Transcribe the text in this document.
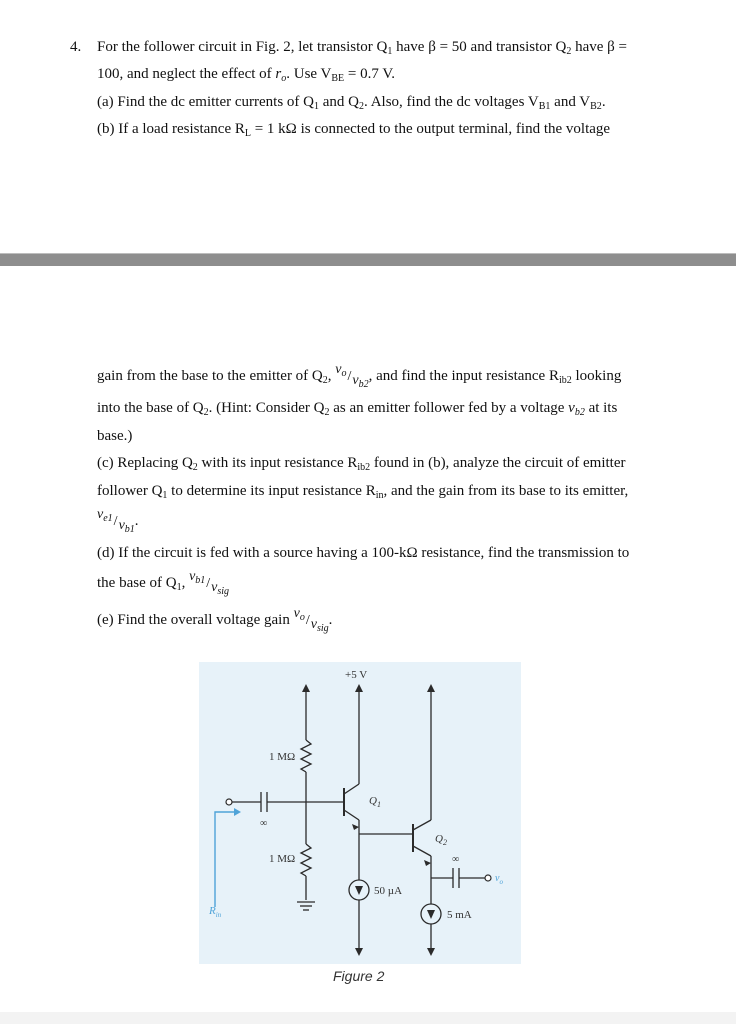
4. For the follower circuit in Fig. 2, let transistor $Q_1$ have β = 50 and transistor $Q_2$ have β =
100, and neglect the effect of $r_o$. Use $V_{BE} = 0.7$ V.
(a) Find the dc emitter currents of $Q_1$ and $Q_2$. Also, find the dc voltages $V_{B1}$ and $V_{B2}$.
(b) If a load resistance $R_L = 1$ kΩ is connected to the output terminal, find the voltage
gain from the base to the emitter of $Q_2$, $v_o/v_{b2}$, and find the input resistance $R_{ib2}$ looking
into the base of $Q_2$. (Hint: Consider $Q_2$ as an emitter follower fed by a voltage $v_{b2}$ at its
base.)
(c) Replacing $Q_2$ with its input resistance $R_{ib2}$ found in (b), analyze the circuit of emitter
follower $Q_1$ to determine its input resistance $R_{in}$, and the gain from its base to its emitter,
$v_{e1}/v_{b1}$.
(d) If the circuit is fed with a source having a 100-kΩ resistance, find the transmission to
the base of $Q_1$, $v_{b1}/v_{sig}$
(e) Find the overall voltage gain $v_o/v_{sig}$.
+5 V
1 MΩ
1 MΩ
∞
∞
$Q_1$
$Q_2$
50 µA
5 mA
$R_{in}$
$v_o$
Figure 2
